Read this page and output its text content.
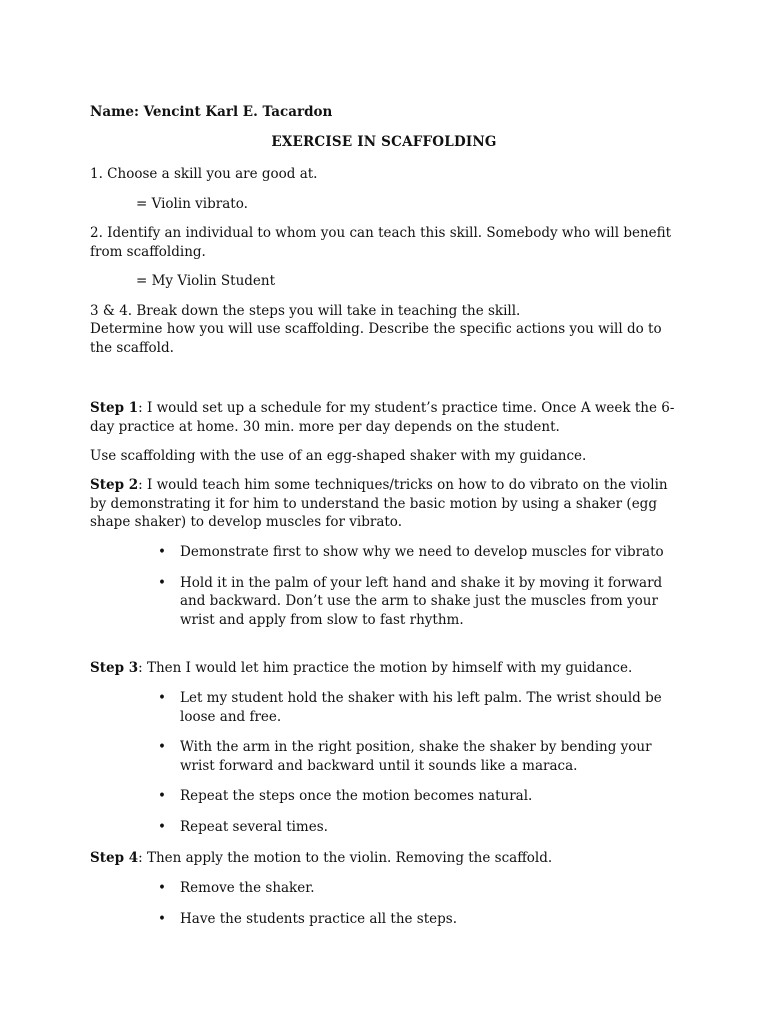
Name: Vencint Karl E. Tacardon
EXERCISE IN SCAFFOLDING
1. Choose a skill you are good at.
= Violin vibrato.
2. Identify an individual to whom you can teach this skill. Somebody who will benefit from scaffolding.
= My Violin Student
3 & 4. Break down the steps you will take in teaching the skill.
Determine how you will use scaffolding. Describe the specific actions you will do to the scaffold.
Step 1: I would set up a schedule for my student’s practice time. Once A week the 6-day practice at home. 30 min. more per day depends on the student.
Use scaffolding with the use of an egg-shaped shaker with my guidance.
Step 2: I would teach him some techniques/tricks on how to do vibrato on the violin by demonstrating it for him to understand the basic motion by using a shaker (egg shape shaker) to develop muscles for vibrato.
• Demonstrate first to show why we need to develop muscles for vibrato
• Hold it in the palm of your left hand and shake it by moving it forward and backward. Don’t use the arm to shake just the muscles from your wrist and apply from slow to fast rhythm.
Step 3: Then I would let him practice the motion by himself with my guidance.
• Let my student hold the shaker with his left palm. The wrist should be loose and free.
• With the arm in the right position, shake the shaker by bending your wrist forward and backward until it sounds like a maraca.
• Repeat the steps once the motion becomes natural.
• Repeat several times.
Step 4: Then apply the motion to the violin. Removing the scaffold.
• Remove the shaker.
• Have the students practice all the steps.
